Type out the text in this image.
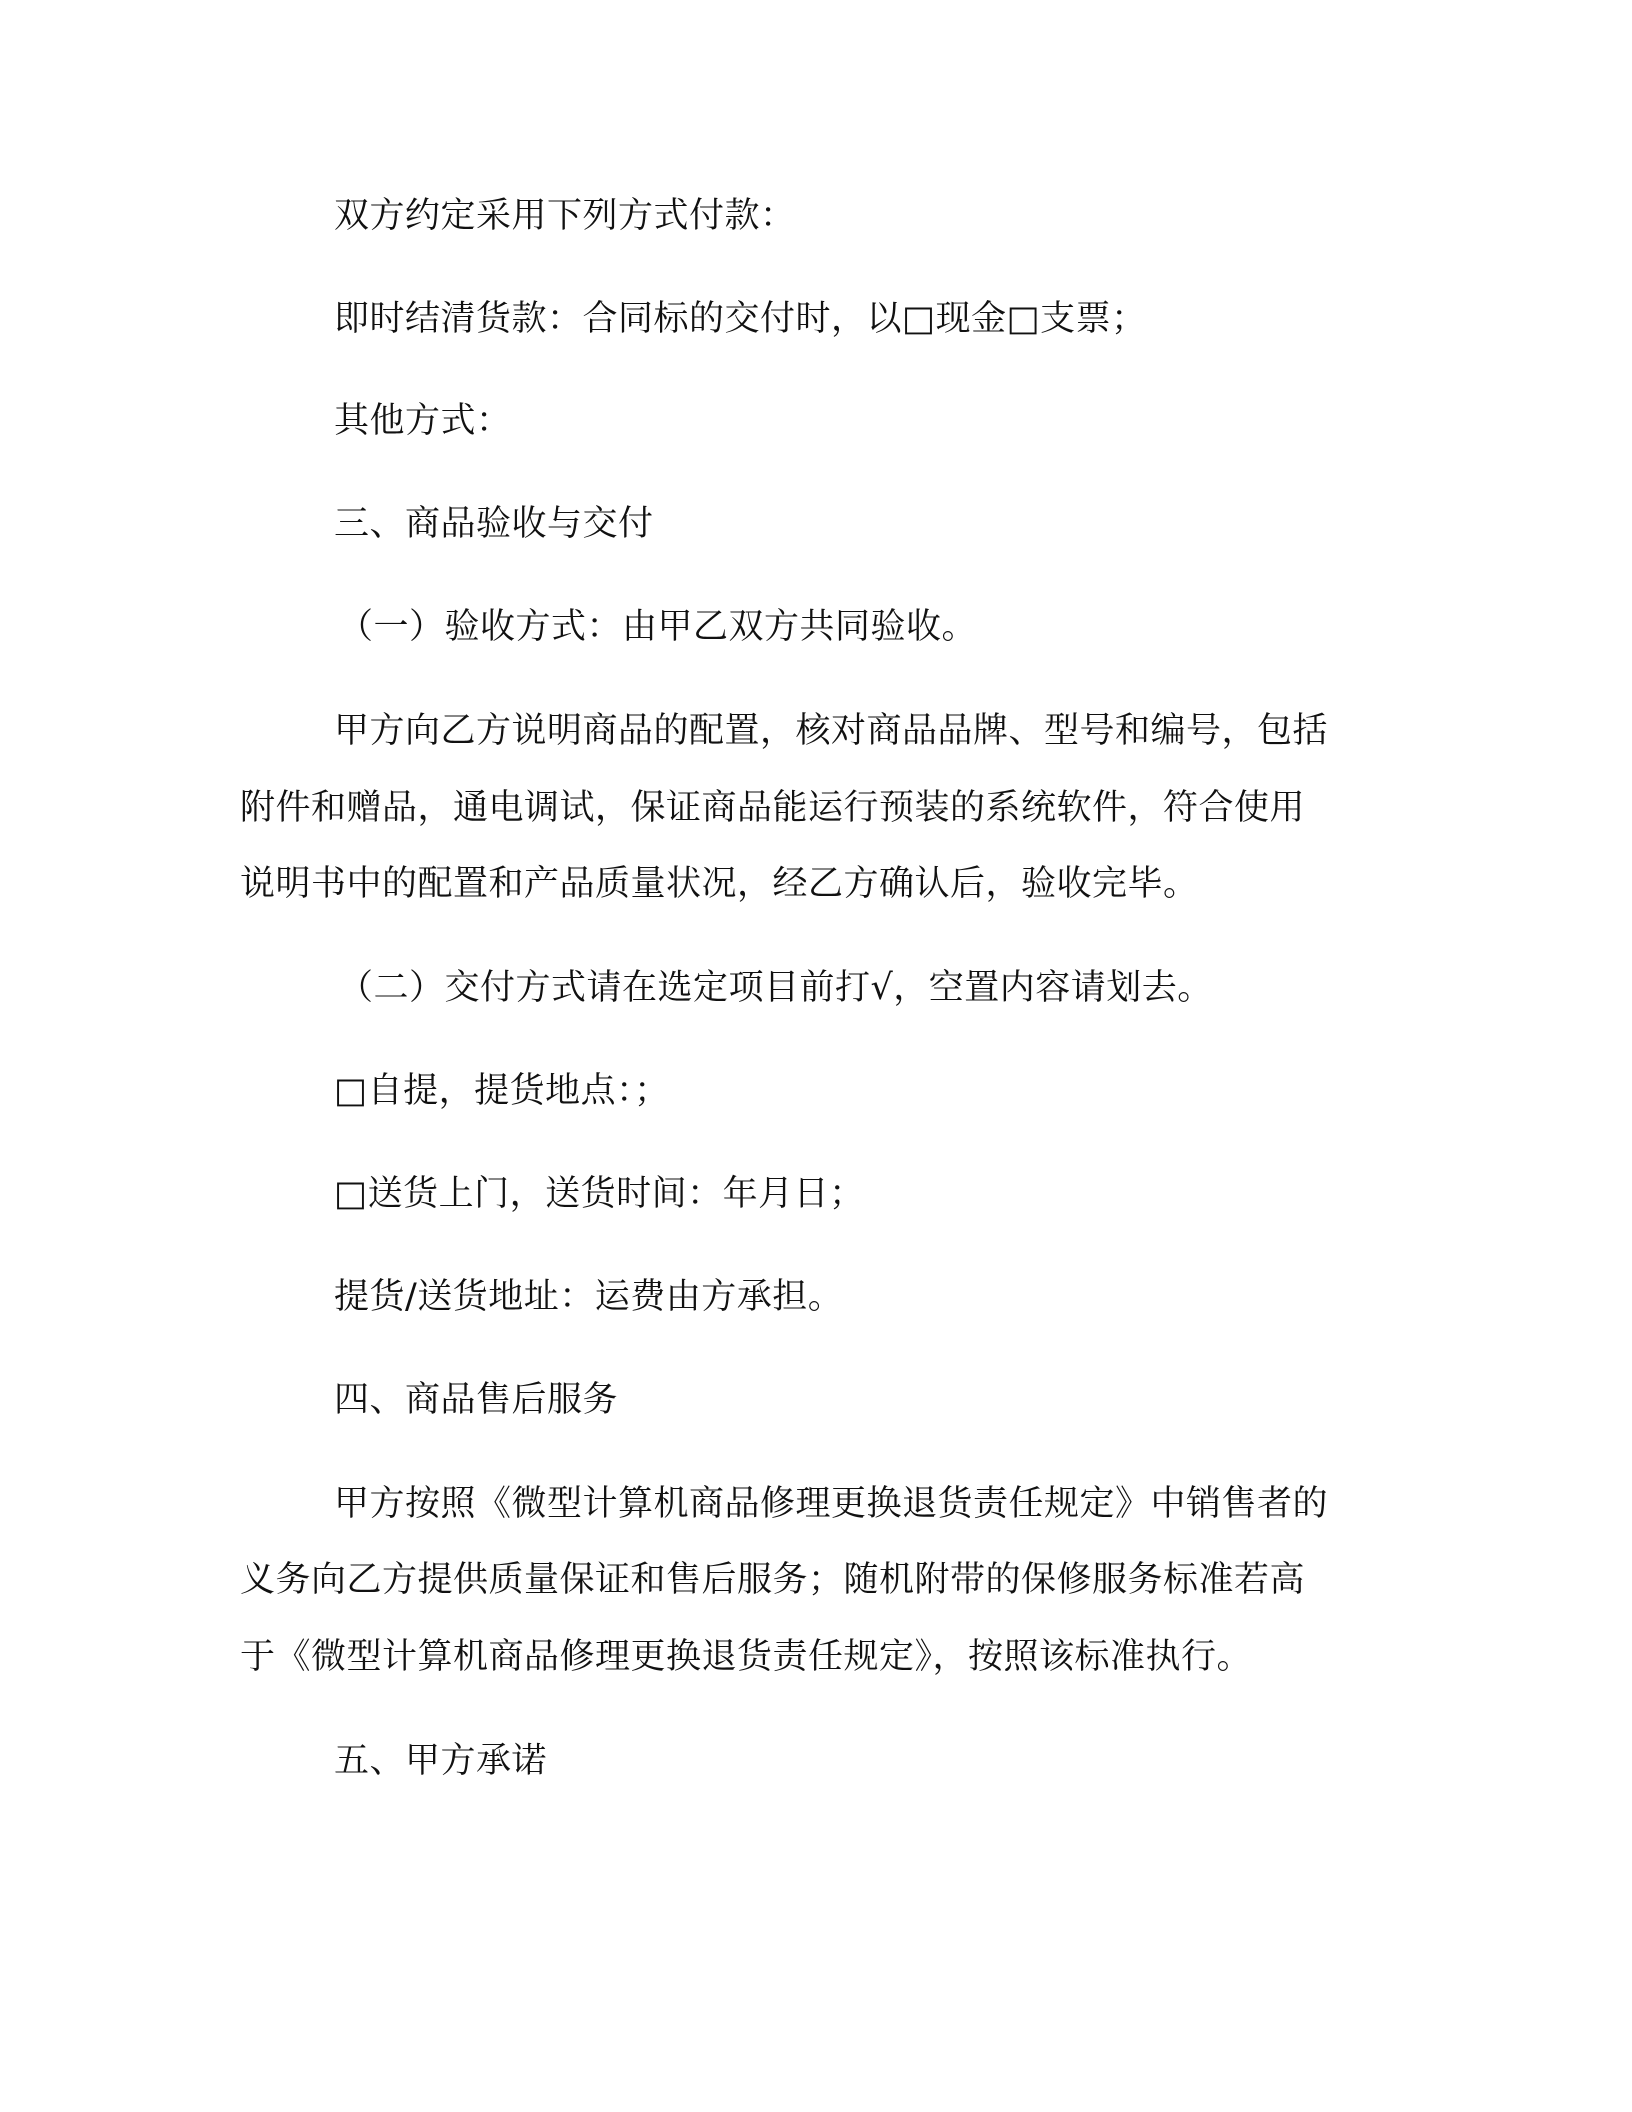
双方约定采用下列方式付款：
即时结清货款：合同标的交付时，以□现金□支票；
其他方式：
三、商品验收与交付
（一）验收方式：由甲乙双方共同验收。
甲方向乙方说明商品的配置，核对商品品牌、型号和编号，包括
附件和赠品，通电调试，保证商品能运行预装的系统软件，符合使用
说明书中的配置和产品质量状况，经乙方确认后，验收完毕。
（二）交付方式请在选定项目前打√，空置内容请划去。
□自提，提货地点：；
□送货上门，送货时间：年月日；
提货/送货地址：运费由方承担。
四、商品售后服务
甲方按照《微型计算机商品修理更换退货责任规定》中销售者的
义务向乙方提供质量保证和售后服务；随机附带的保修服务标准若高
于《微型计算机商品修理更换退货责任规定》，按照该标准执行。
五、甲方承诺
